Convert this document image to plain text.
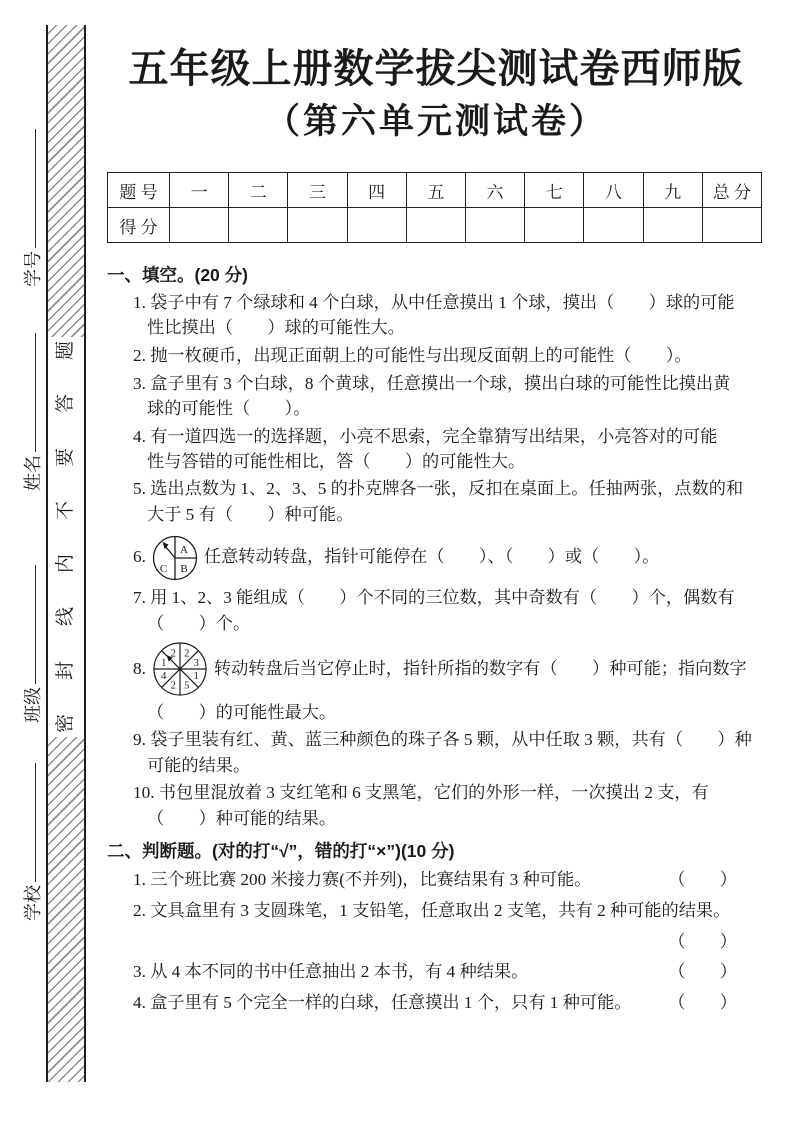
学号
姓名
班级
学校
题
答
要
不
内
线
封
密
五年级上册数学拔尖测试卷西师版
（第六单元测试卷）
题 号	一	二	三	四	五	六	七	八	九	总 分
得 分										
一、填空。(20 分)
1. 袋子中有 7 个绿球和 4 个白球，从中任意摸出 1 个球，摸出（　　）球的可能
性比摸出（　　）球的可能性大。
2. 抛一枚硬币，出现正面朝上的可能性与出现反面朝上的可能性（　　）。
3. 盒子里有 3 个白球，8 个黄球，任意摸出一个球，摸出白球的可能性比摸出黄
球的可能性（　　）。
4. 有一道四选一的选择题，小亮不思索，完全靠猜写出结果，小亮答对的可能
性与答错的可能性相比，答（　　）的可能性大。
5. 选出点数为 1、2、3、5 的扑克牌各一张，反扣在桌面上。任抽两张，点数的和
大于 5 有（　　）种可能。
6.	A
B
C
任意转动转盘，指针可能停在（　　）、（　　）或（　　）。
7. 用 1、2、3 能组成（　　）个不同的三位数，其中奇数有（　　）个，偶数有
（　　）个。
8.
2
3
1
5
2
4
1
2
转动转盘后当它停止时，指针所指的数字有（　　）种可能；指向数字
（　　）的可能性最大。
9. 袋子里装有红、黄、蓝三种颜色的珠子各 5 颗，从中任取 3 颗，共有（　　）种
可能的结果。
10. 书包里混放着 3 支红笔和 6 支黑笔，它们的外形一样，一次摸出 2 支，有
（　　）种可能的结果。
二、判断题。(对的打“√”，错的打“×”)(10 分)
1. 三个班比赛 200 米接力赛(不并列)，比赛结果有 3 种可能。	（　　）
2. 文具盒里有 3 支圆珠笔，1 支铅笔，任意取出 2 支笔，共有 2 种可能的结果。
（　　）
3. 从 4 本不同的书中任意抽出 2 本书，有 4 种结果。	（　　）
4. 盒子里有 5 个完全一样的白球，任意摸出 1 个，只有 1 种可能。	（　　）
